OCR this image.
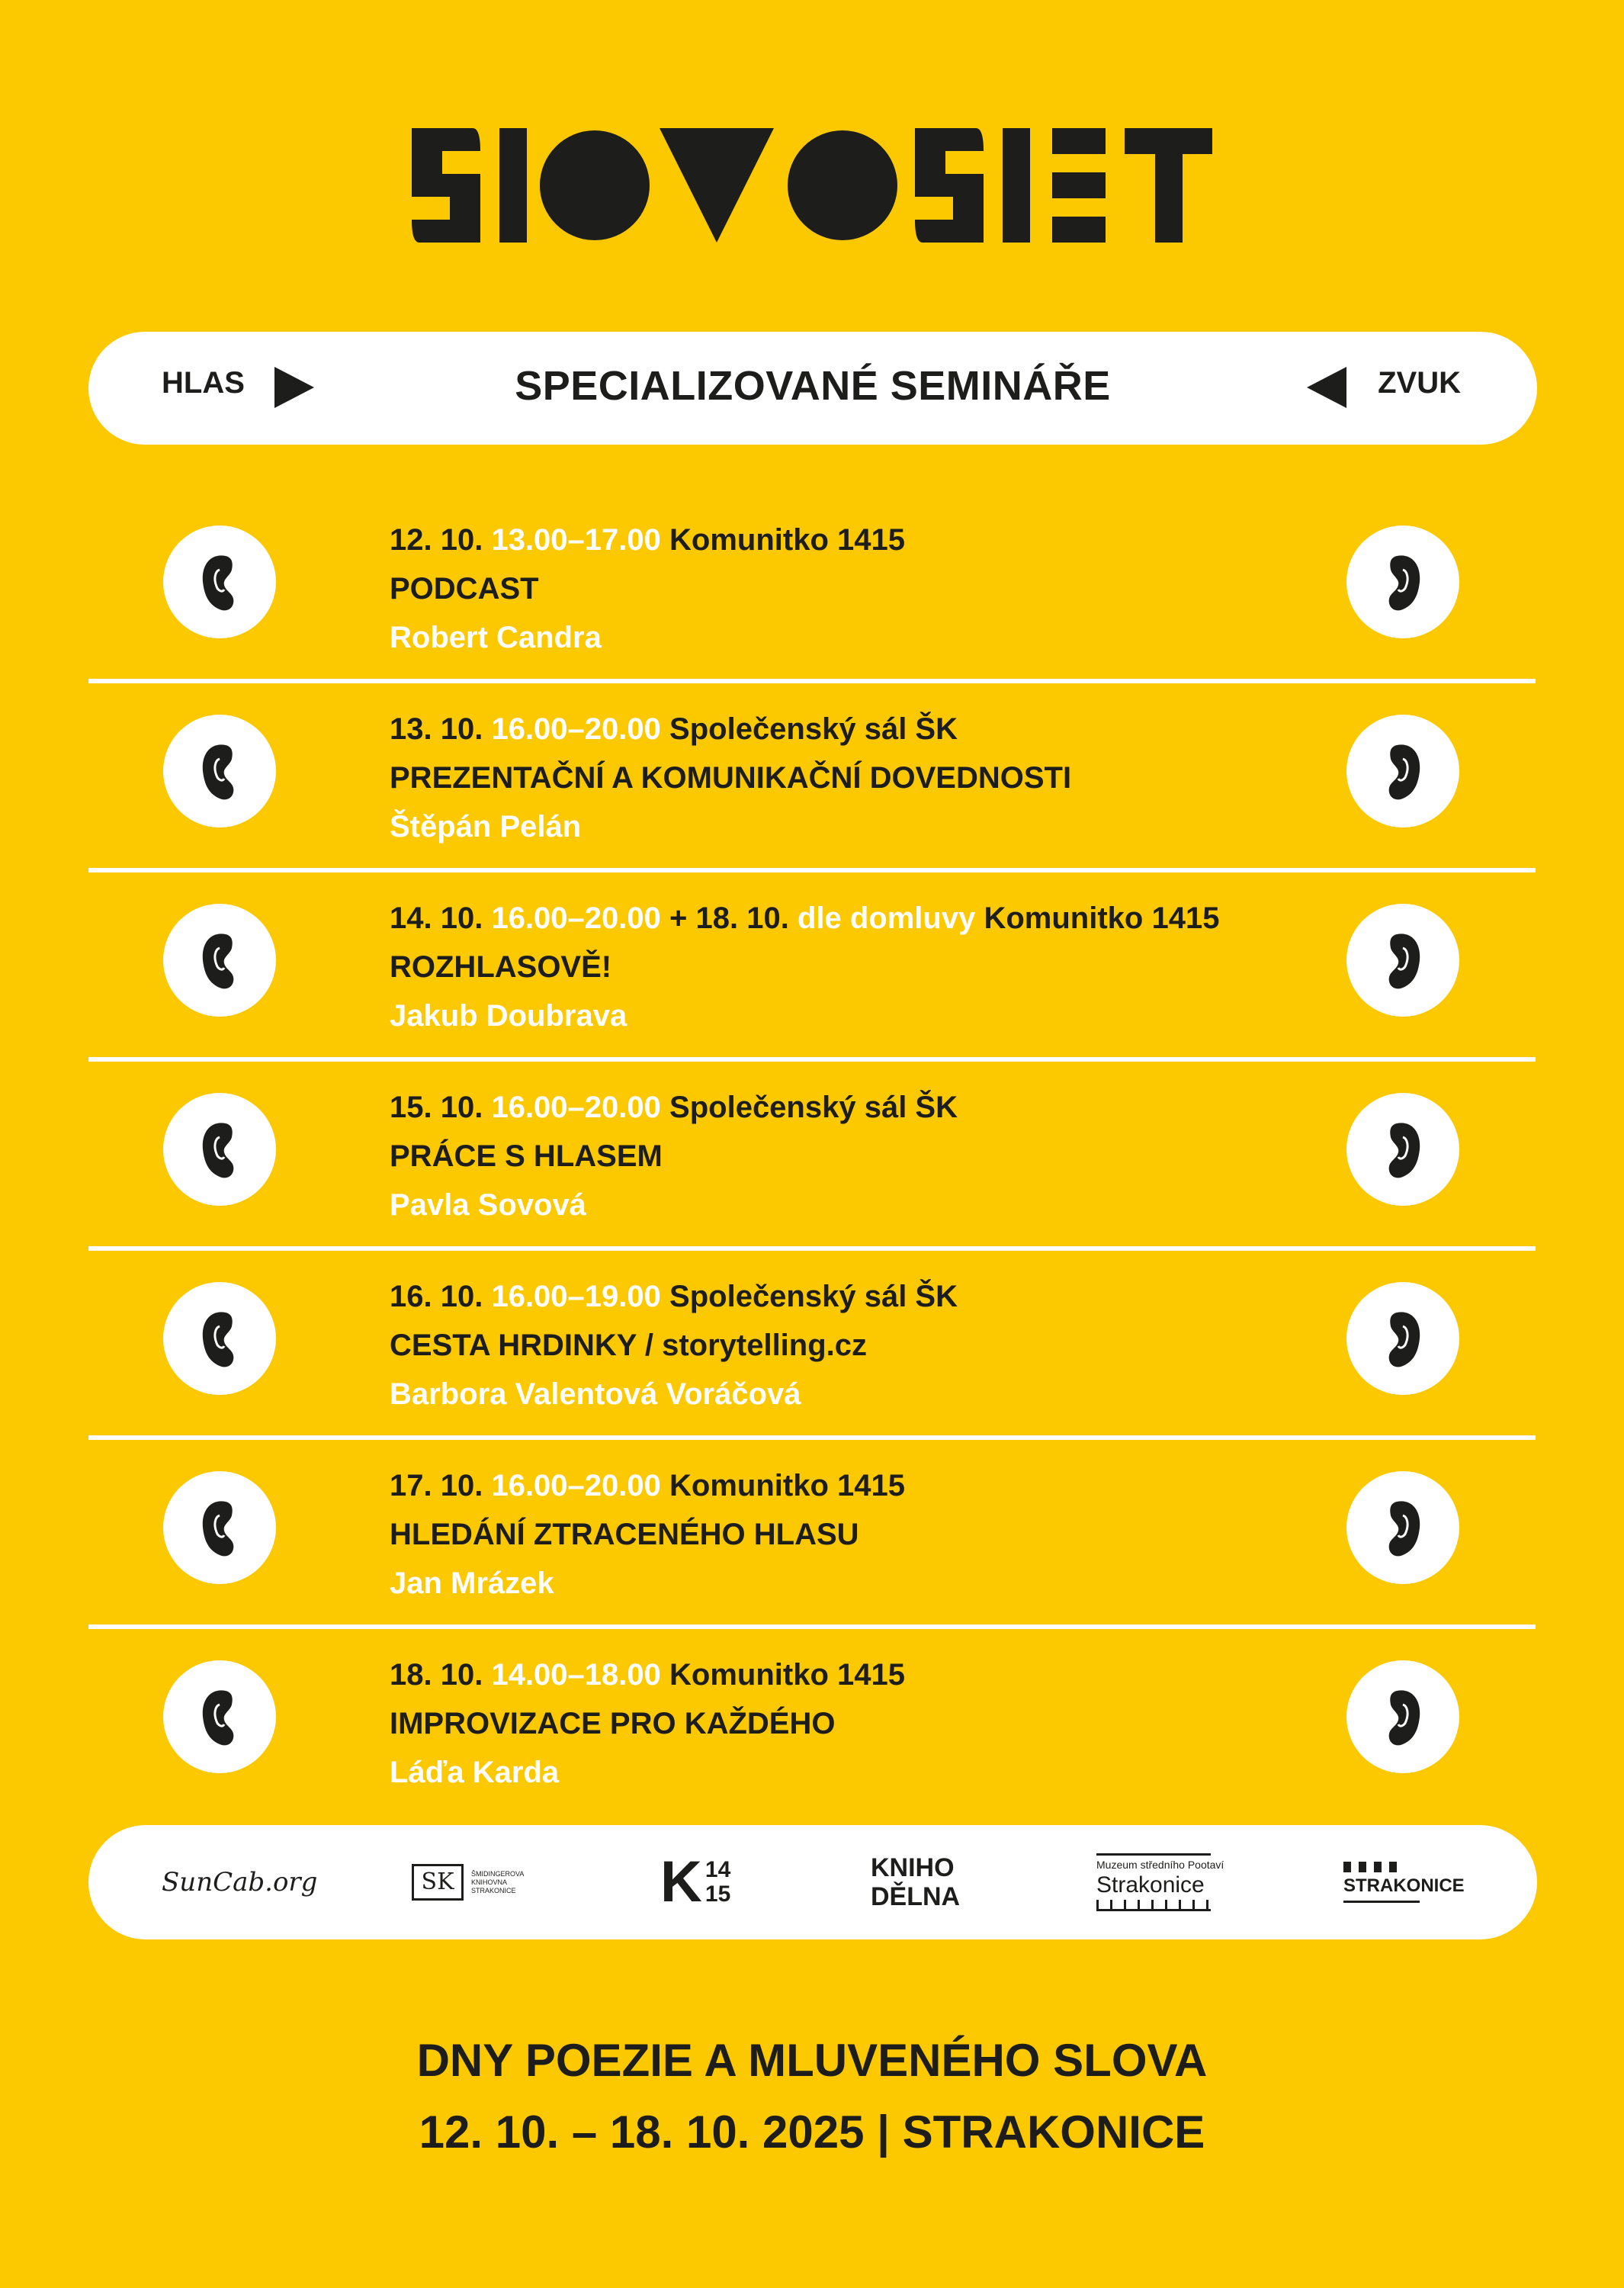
HLAS	SPECIALIZOVANÉ SEMINÁŘE	ZVUK
12. 10. 13.00–17.00 Komunitko 1415
PODCAST
Robert Candra
13. 10. 16.00–20.00 Společenský sál ŠK
PREZENTAČNÍ A KOMUNIKAČNÍ DOVEDNOSTI
Štěpán Pelán
14. 10. 16.00–20.00 + 18. 10. dle domluvy Komunitko 1415
ROZHLASOVĚ!
Jakub Doubrava
15. 10. 16.00–20.00 Společenský sál ŠK
PRÁCE S HLASEM
Pavla Sovová
16. 10. 16.00–19.00 Společenský sál ŠK
CESTA HRDINKY / storytelling.cz
Barbora Valentová Voráčová
17. 10. 16.00–20.00 Komunitko 1415
HLEDÁNÍ ZTRACENÉHO HLASU
Jan Mrázek
18. 10. 14.00–18.00 Komunitko 1415
IMPROVIZACE PRO KAŽDÉHO
Láďa Karda
SunCab.org	SK	ŠMIDINGEROVA
KNIHOVNA
STRAKONICE K 14
15
KNIHO
DĚLNA
Muzeum středního Pootaví
Strakonice	STRAKONICE
DNY POEZIE A MLUVENÉHO SLOVA
12. 10. – 18. 10. 2025 | STRAKONICE
